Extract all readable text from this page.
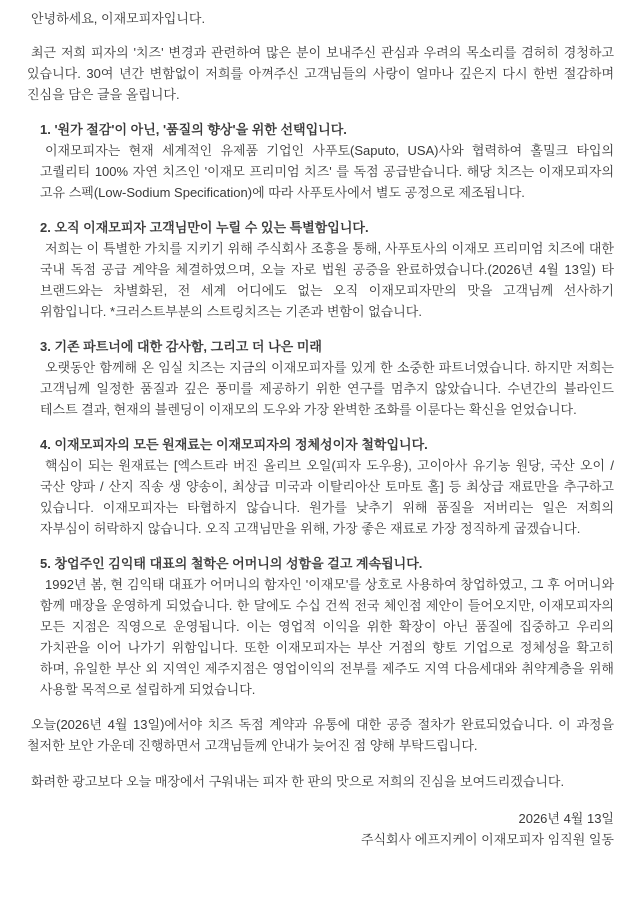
안녕하세요, 이재모피자입니다.

최근 저희 피자의 '치즈' 변경과 관련하여 많은 분이 보내주신 관심과 우려의 목소리를 겸허히 경청하고 있습니다. 30여 년간 변함없이 저희를 아껴주신 고객님들의 사랑이 얼마나 깊은지 다시 한번 절감하며 진심을 담은 글을 올립니다.

1. '원가 절감'이 아닌, '품질의 향상'을 위한 선택입니다.

이재모피자는 현재 세계적인 유제품 기업인 사푸토(Saputo, USA)사와 협력하여 홀밀크 타입의 고퀄리티 100% 자연 치즈인 '이재모 프리미엄 치즈' 를 독점 공급받습니다. 해당 치즈는 이재모피자의 고유 스펙(Low-Sodium Specification)에 따라 사푸토사에서 별도 공정으로 제조됩니다.

2. 오직 이재모피자 고객님만이 누릴 수 있는 특별함입니다.

저희는 이 특별한 가치를 지키기 위해 주식회사 조흥을 통해, 사푸토사의 이재모 프리미엄 치즈에 대한 국내 독점 공급 계약을 체결하였으며, 오늘 자로 법원 공증을 완료하였습니다.(2026년 4월 13일) 타 브랜드와는 차별화된, 전 세계 어디에도 없는 오직 이재모피자만의 맛을 고객님께 선사하기 위함입니다. *크러스트부분의 스트링치즈는 기존과 변함이 없습니다.

3. 기존 파트너에 대한 감사함, 그리고 더 나은 미래

오랫동안 함께해 온 임실 치즈는 지금의 이재모피자를 있게 한 소중한 파트너였습니다. 하지만 저희는 고객님께 일정한 품질과 깊은 풍미를 제공하기 위한 연구를 멈추지 않았습니다. 수년간의 블라인드 테스트 결과, 현재의 블렌딩이 이재모의 도우와 가장 완벽한 조화를 이룬다는 확신을 얻었습니다.

4. 이재모피자의 모든 원재료는 이재모피자의 정체성이자 철학입니다.

핵심이 되는 원재료는 [엑스트라 버진 올리브 오일(피자 도우용), 고이아사 유기농 원당, 국산 오이 / 국산 양파 / 산지 직송 생 양송이, 최상급 미국과 이탈리아산 토마토 홀] 등 최상급 재료만을 추구하고 있습니다. 이재모피자는 타협하지 않습니다. 원가를 낮추기 위해 품질을 저버리는 일은 저희의 자부심이 허락하지 않습니다. 오직 고객님만을 위해, 가장 좋은 재료로 가장 정직하게 굽겠습니다.

5. 창업주인 김익태 대표의 철학은 어머니의 성함을 걸고 계속됩니다.

1992년 봄, 현 김익태 대표가 어머니의 함자인 '이재모'를 상호로 사용하여 창업하였고, 그 후 어머니와 함께 매장을 운영하게 되었습니다. 한 달에도 수십 건씩 전국 체인점 제안이 들어오지만, 이재모피자의 모든 지점은 직영으로 운영됩니다. 이는 영업적 이익을 위한 확장이 아닌 품질에 집중하고 우리의 가치관을 이어 나가기 위함입니다. 또한 이재모피자는 부산 거점의 향토 기업으로 정체성을 확고히 하며, 유일한 부산 외 지역인 제주지점은 영업이익의 전부를 제주도 지역 다음세대와 취약계층을 위해 사용할 목적으로 설립하게 되었습니다.

오늘(2026년 4월 13일)에서야 치즈 독점 계약과 유통에 대한 공증 절차가 완료되었습니다. 이 과정을 철저한 보안 가운데 진행하면서 고객님들께 안내가 늦어진 점 양해 부탁드립니다.

화려한 광고보다 오늘 매장에서 구워내는 피자 한 판의 맛으로 저희의 진심을 보여드리겠습니다.

2026년 4월 13일

주식회사 에프지케이 이재모피자 임직원 일동
